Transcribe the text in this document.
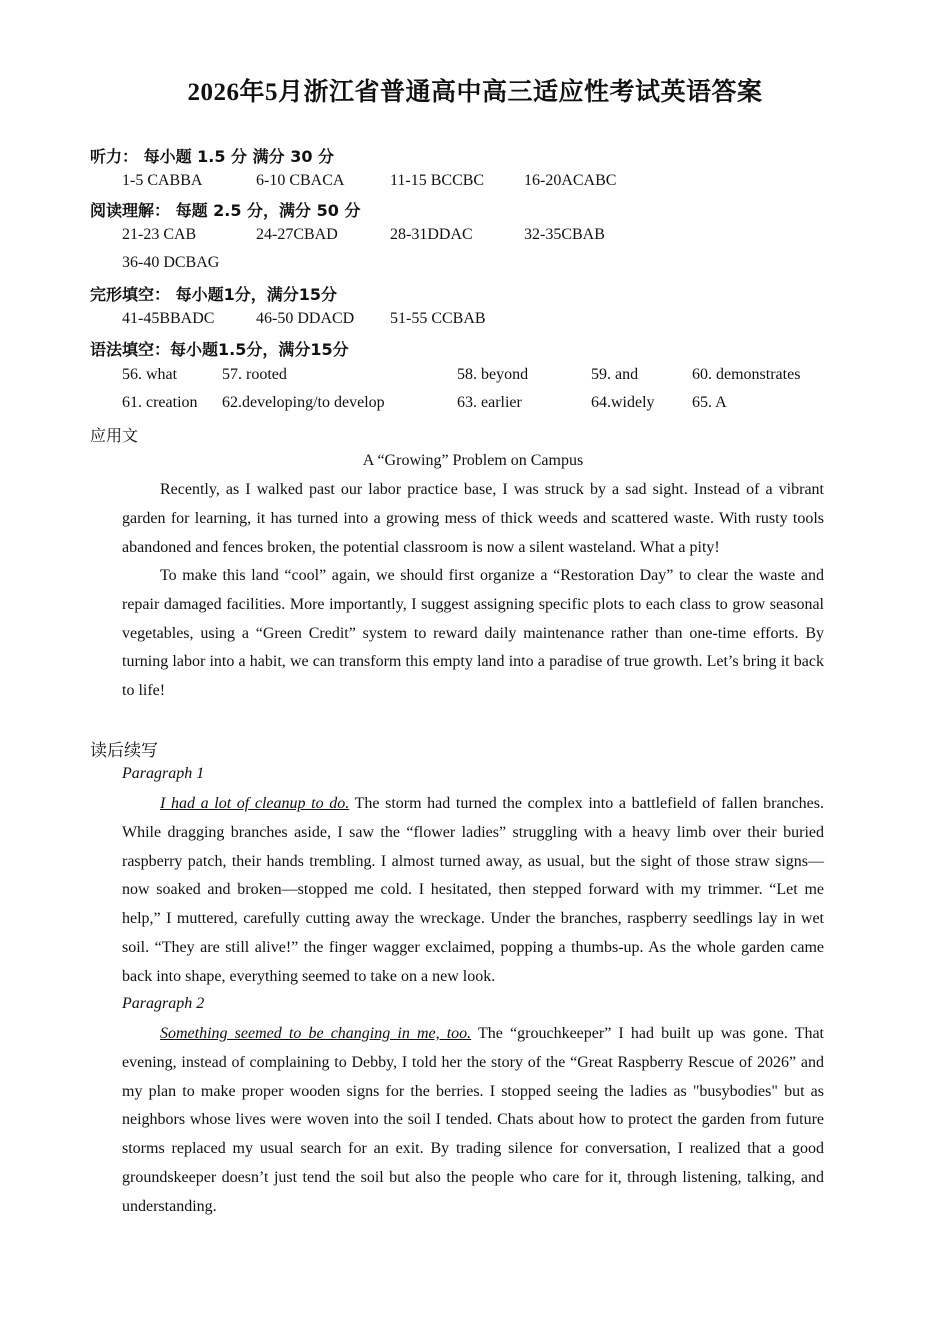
2026年5月浙江省普通高中高三适应性考试英语答案
听力： 每小题 1.5 分 满分 30 分
1-5 CABBA	6-10 CBACA	11-15 BCCBC 16-20ACABC
阅读理解： 每题 2.5 分，满分 50 分
21-23 CAB	24-27CBAD	28-31DDAC	32-35CBAB
36-40 DCBAG
完形填空： 每小题1分，满分15分
41-45BBADC	46-50 DDACD 51-55 CCBAB
语法填空：每小题1.5分，满分15分
56. what	57. rooted	58. beyond	59. and	60. demonstrates
61. creation 62.developing/to develop	63. earlier	64.widely 65. A
应用文
A “Growing” Problem on Campus

Recently, as I walked past our labor practice base, I was struck by a sad sight. Instead of a vibrant garden for learning, it has turned into a growing mess of thick weeds and scattered waste. With rusty tools abandoned and fences broken, the potential classroom is now a silent wasteland. What a pity!

To make this land “cool” again, we should first organize a “Restoration Day” to clear the waste and repair damaged facilities. More importantly, I suggest assigning specific plots to each class to grow seasonal vegetables, using a “Green Credit” system to reward daily maintenance rather than one-time efforts. By turning labor into a habit, we can transform this empty land into a paradise of true growth. Let’s bring it back to life!

读后续写
Paragraph 1

I had a lot of cleanup to do. The storm had turned the complex into a battlefield of fallen branches. While dragging branches aside, I saw the “flower ladies” struggling with a heavy limb over their buried raspberry patch, their hands trembling. I almost turned away, as usual, but the sight of those straw signs—now soaked and broken—stopped me cold. I hesitated, then stepped forward with my trimmer. “Let me help,” I muttered, carefully cutting away the wreckage. Under the branches, raspberry seedlings lay in wet soil. “They are still alive!” the finger wagger exclaimed, popping a thumbs-up. As the whole garden came back into shape, everything seemed to take on a new look.

Paragraph 2

Something seemed to be changing in me, too. The “grouchkeeper” I had built up was gone. That evening, instead of complaining to Debby, I told her the story of the “Great Raspberry Rescue of 2026” and my plan to make proper wooden signs for the berries. I stopped seeing the ladies as "busybodies" but as neighbors whose lives were woven into the soil I tended. Chats about how to protect the garden from future storms replaced my usual search for an exit. By trading silence for conversation, I realized that a good groundskeeper doesn’t just tend the soil but also the people who care for it, through listening, talking, and understanding.
